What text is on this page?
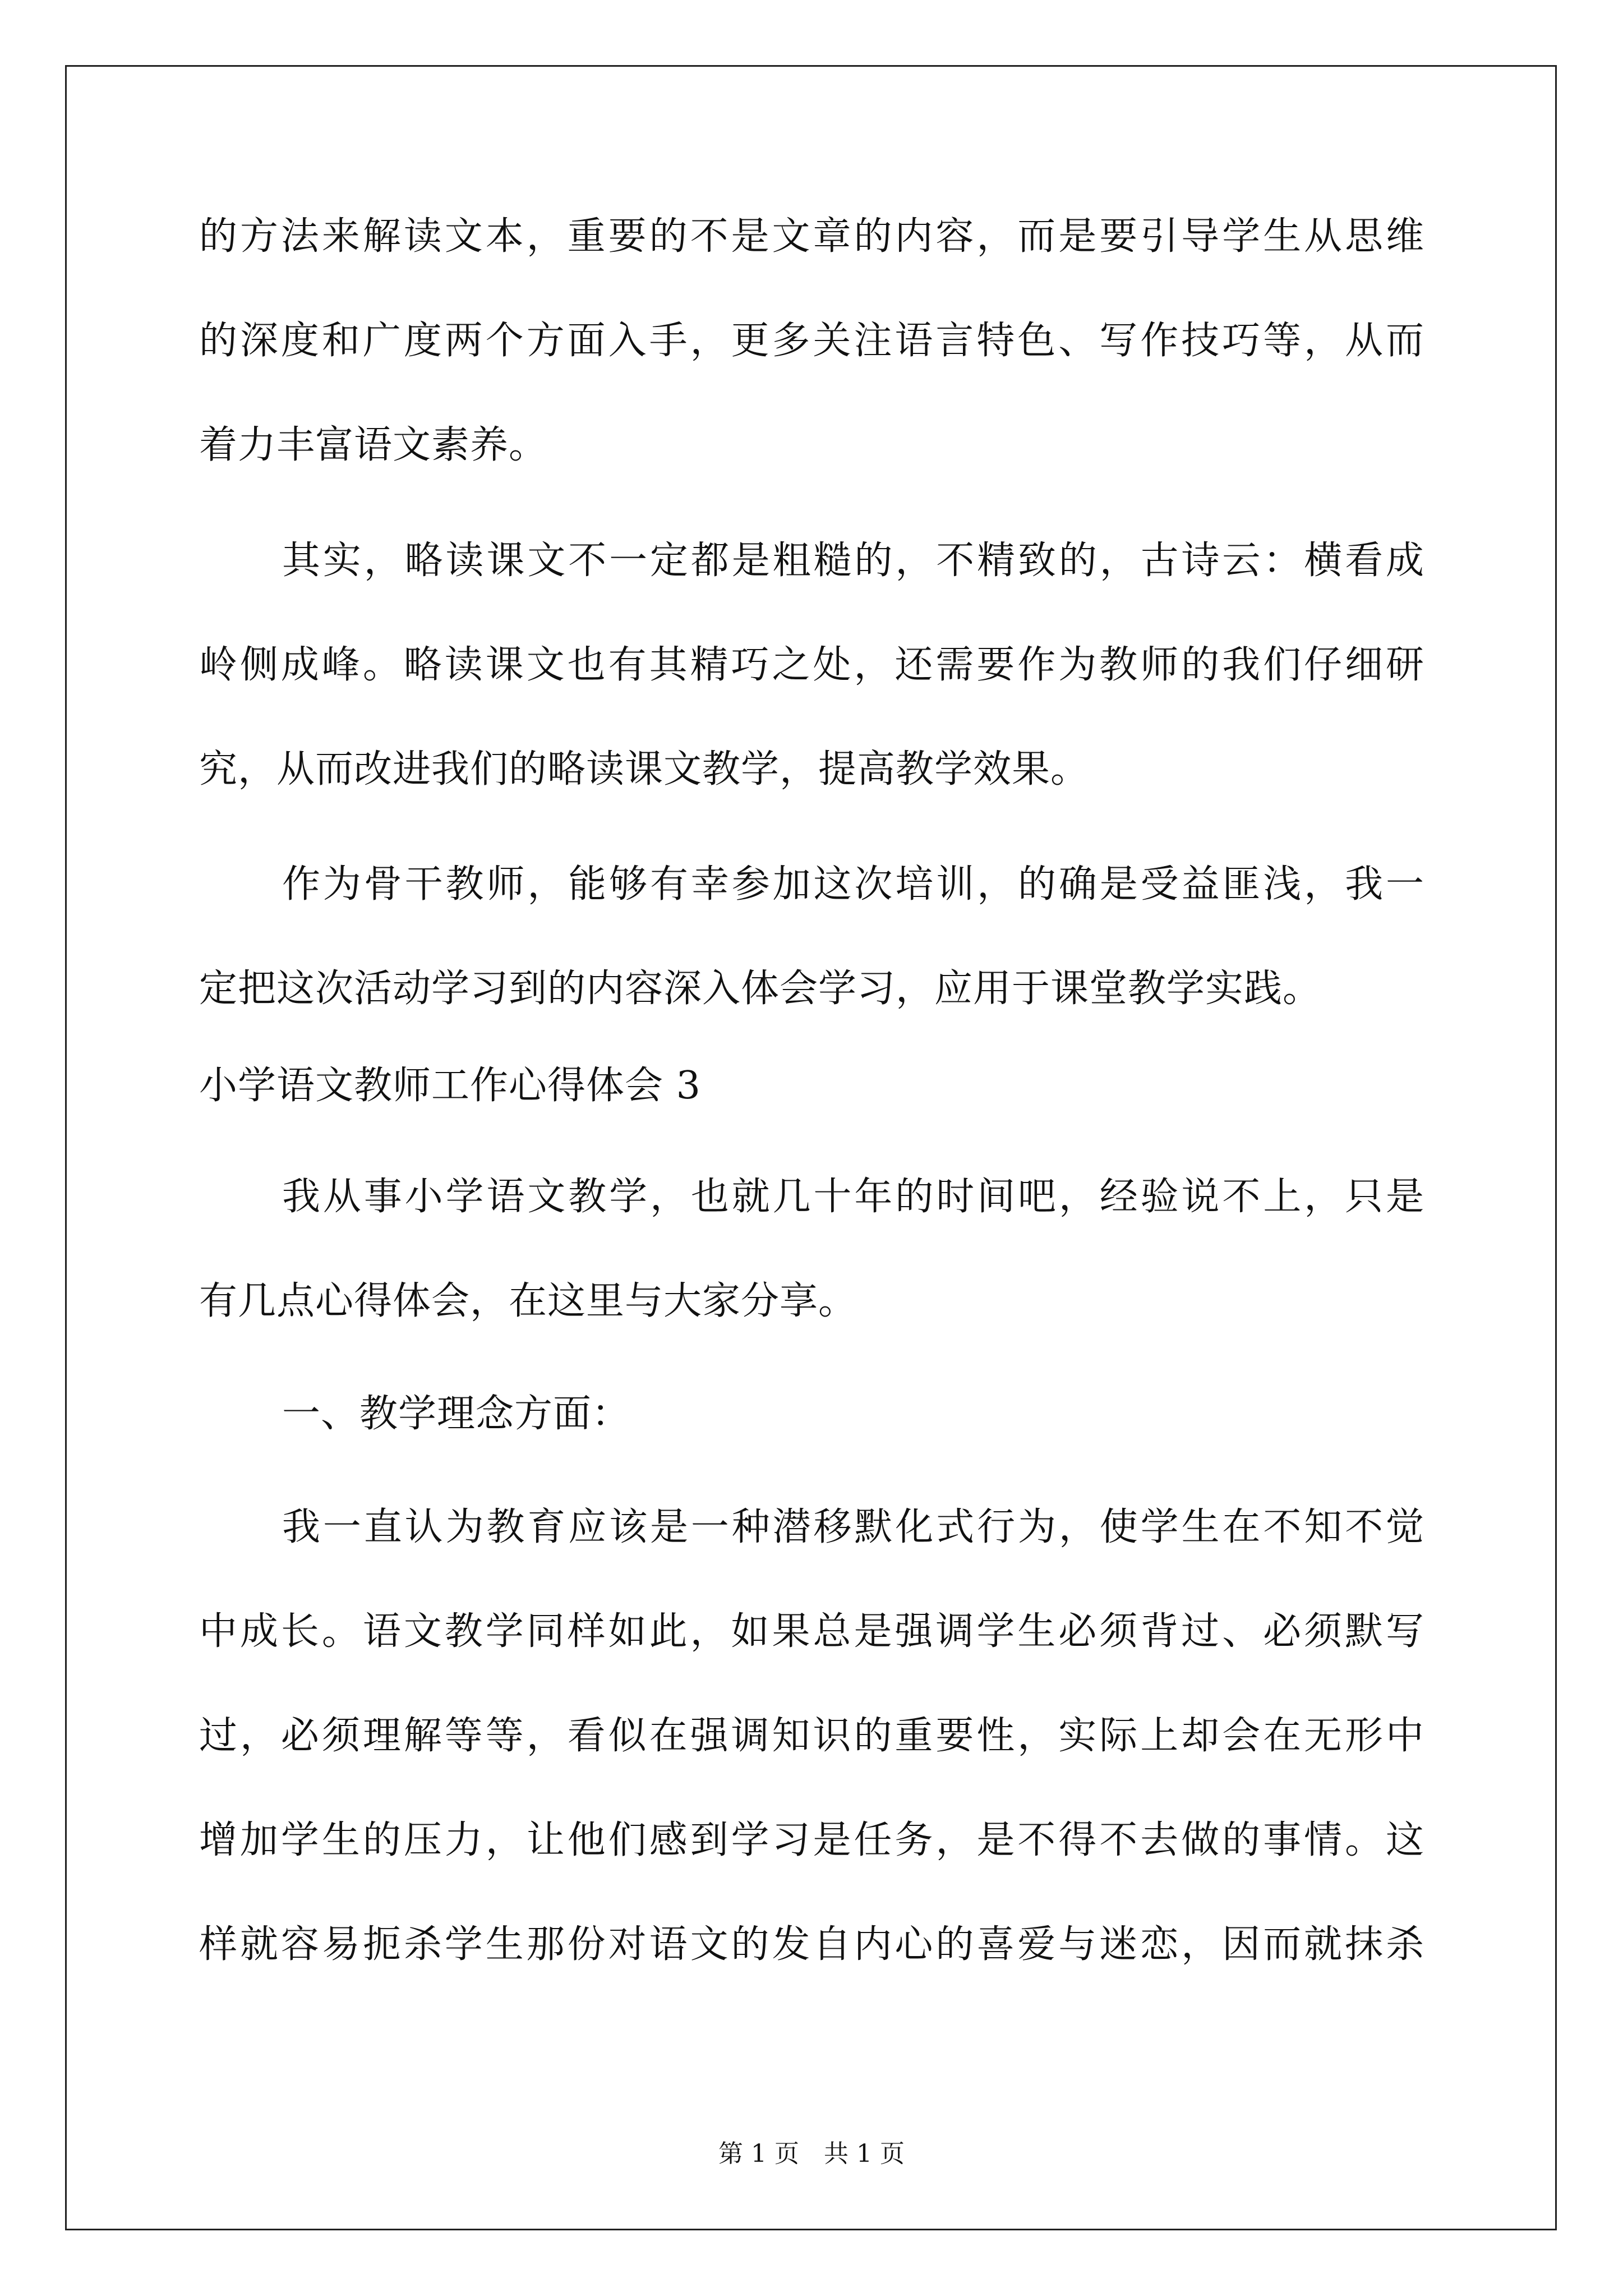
的方法来解读文本，重要的不是文章的内容，而是要引导学生从思维
的深度和广度两个方面入手，更多关注语言特色、写作技巧等，从而
着力丰富语文素养。
其实，略读课文不一定都是粗糙的，不精致的，古诗云：横看成
岭侧成峰。略读课文也有其精巧之处，还需要作为教师的我们仔细研
究，从而改进我们的略读课文教学，提高教学效果。
作为骨干教师，能够有幸参加这次培训，的确是受益匪浅，我一
定把这次活动学习到的内容深入体会学习，应用于课堂教学实践。
小学语文教师工作心得体会 3
我从事小学语文教学，也就几十年的时间吧，经验说不上，只是
有几点心得体会，在这里与大家分享。
一、教学理念方面：
我一直认为教育应该是一种潜移默化式行为，使学生在不知不觉
中成长。语文教学同样如此，如果总是强调学生必须背过、必须默写
过，必须理解等等，看似在强调知识的重要性，实际上却会在无形中
增加学生的压力，让他们感到学习是任务，是不得不去做的事情。这
样就容易扼杀学生那份对语文的发自内心的喜爱与迷恋，因而就抹杀
第 1 页　共 1 页
